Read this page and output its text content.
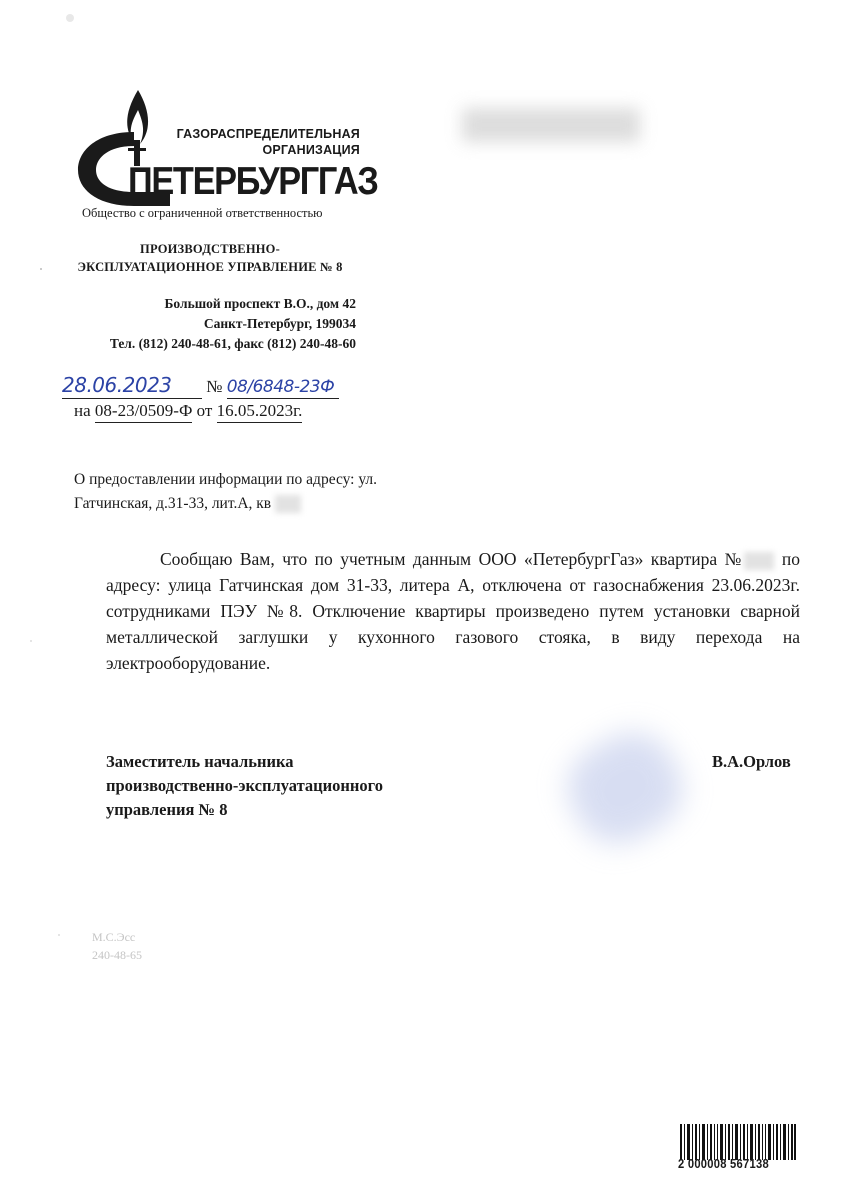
ГАЗОРАСПРЕДЕЛИТЕЛЬНАЯ
ОРГАНИЗАЦИЯ
ПЕТЕРБУРГГАЗ
Общество с ограниченной ответственностью
ПРОИЗВОДСТВЕННО-
ЭКСПЛУАТАЦИОННОЕ УПРАВЛЕНИЕ № 8
Большой проспект В.О., дом 42
Санкт-Петербург, 199034
Тел. (812) 240-48-61, факс (812) 240-48-60
28.06.2023 № 08/6848-23Ф
на 08-23/0509-Ф от 16.05.2023г.
О предоставлении информации по адресу: ул.
Гатчинская, д.31-33, лит.А, кв
Сообщаю Вам, что по учетным данным ООО «ПетербургГаз» квартира № по адресу: улица Гатчинская дом 31-33, литера А, отключена от газоснабжения 23.06.2023г. сотрудниками ПЭУ №8. Отключение квартиры произведено путем установки сварной металлической заглушки у кухонного газового стояка, в виду перехода на электрооборудование.
Заместитель начальника
производственно-эксплуатационного
управления № 8
В.А.Орлов
М.С.Эсс
240-48-65
2 000008 567138
